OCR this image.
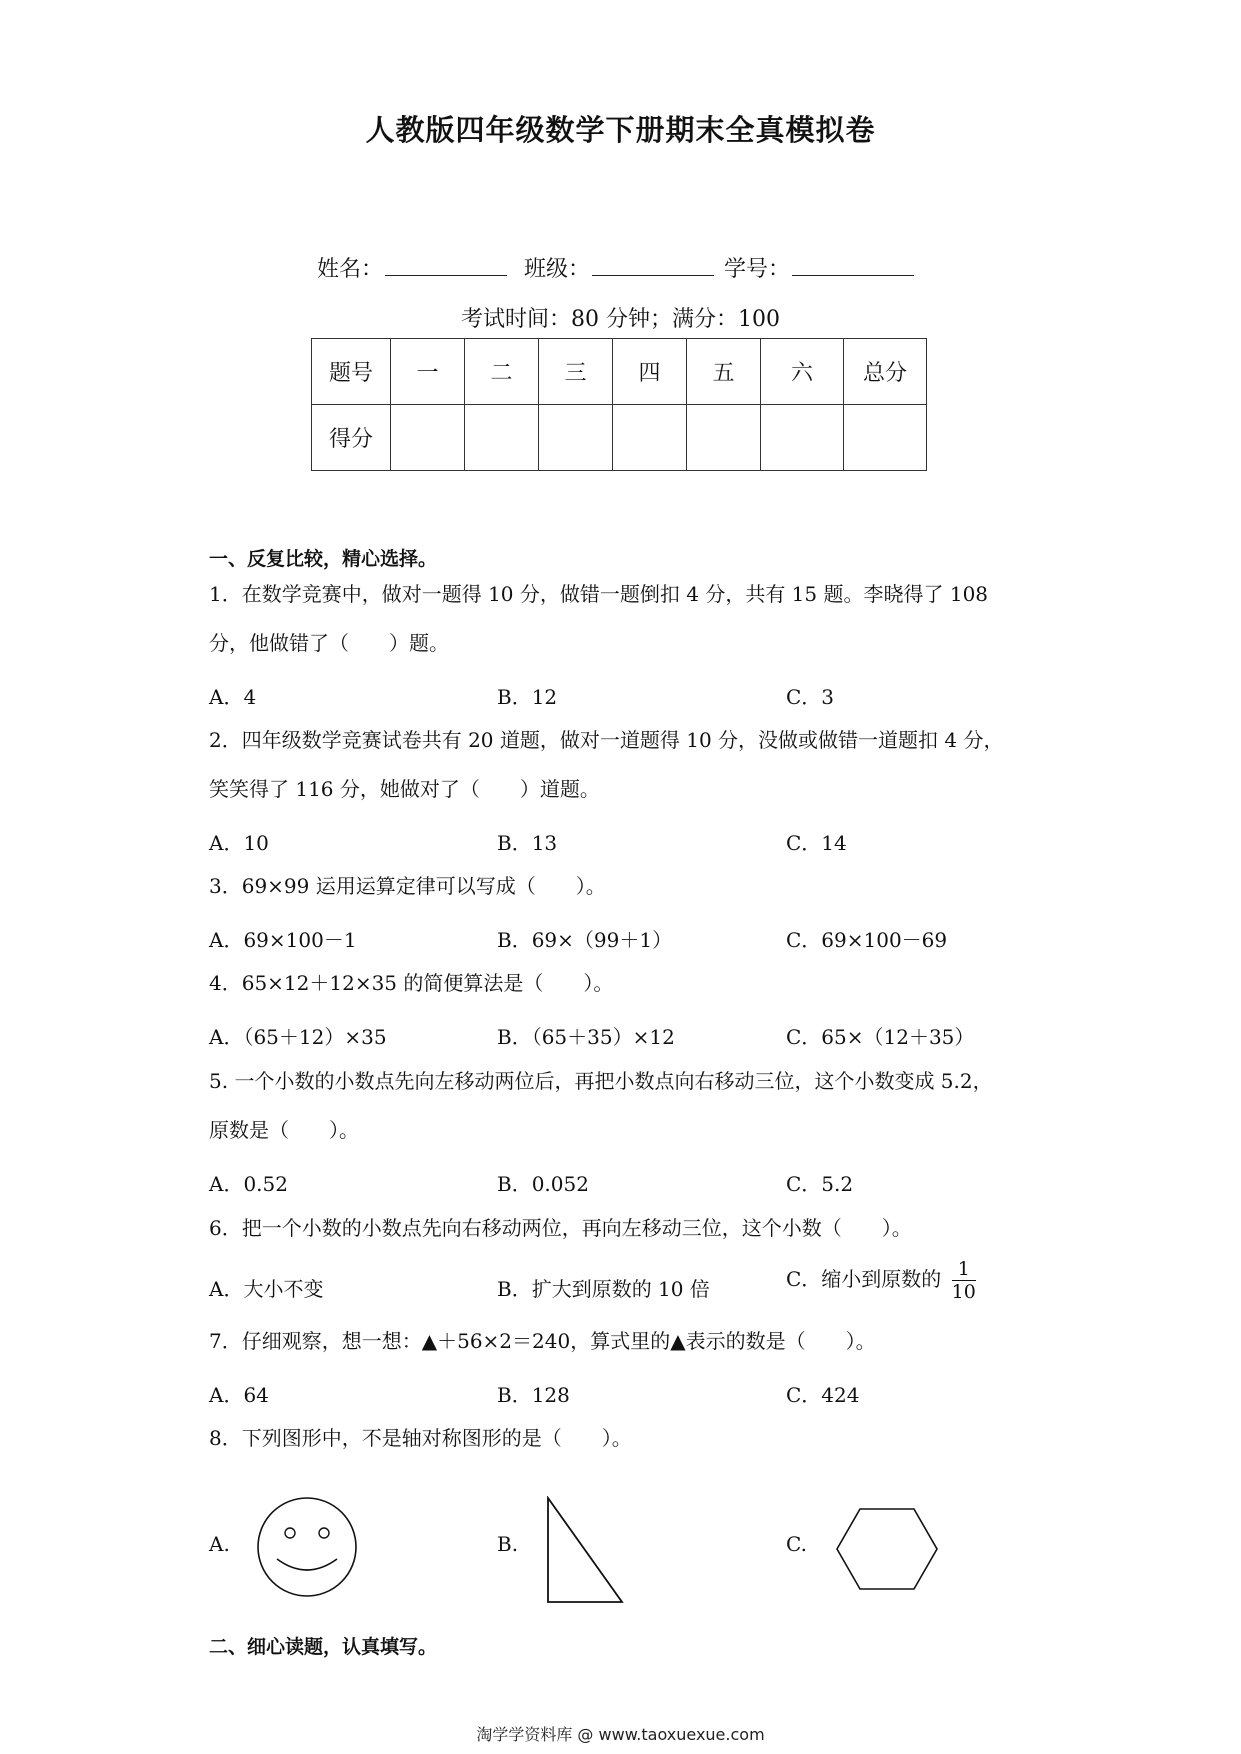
人教版四年级数学下册期末全真模拟卷
姓名：	班级：	学号：
考试时间：80 分钟；满分：100
题号	一	二	三	四	五	六	总分
得分							
一、反复比较，精心选择。
1．在数学竞赛中，做对一题得 10 分，做错一题倒扣 4 分，共有 15 题。李晓得了 108
分，他做错了（　　）题。
A．4	B．12	C．3
2．四年级数学竞赛试卷共有 20 道题，做对一道题得 10 分，没做或做错一道题扣 4 分，
笑笑得了 116 分，她做对了（　　）道题。
A．10	B．13	C．14
3．69×99 运用运算定律可以写成（　　）。
A．69×100－1	B．69×（99＋1）	C．69×100－69
4．65×12＋12×35 的简便算法是（　　）。
A．（65＋12）×35	B．（65＋35）×12	C．65×（12＋35）
5. 一个小数的小数点先向左移动两位后，再把小数点向右移动三位，这个小数变成 5.2，
原数是（　　）。
A．0.52	B．0.052	C．5.2
6．把一个小数的小数点先向右移动两位，再向左移动三位，这个小数（　　）。
A．大小不变	B．扩大到原数的 10 倍	C．缩小到原数的 $\frac{1}{10}$
7．仔细观察，想一想：▲＋56×2＝240，算式里的▲表示的数是（　　）。
A．64	B．128	C．424
8．下列图形中，不是轴对称图形的是（　　）。
A.	B.	C.
二、细心读题，认真填写。
淘学学资料库 @ www.taoxuexue.com
